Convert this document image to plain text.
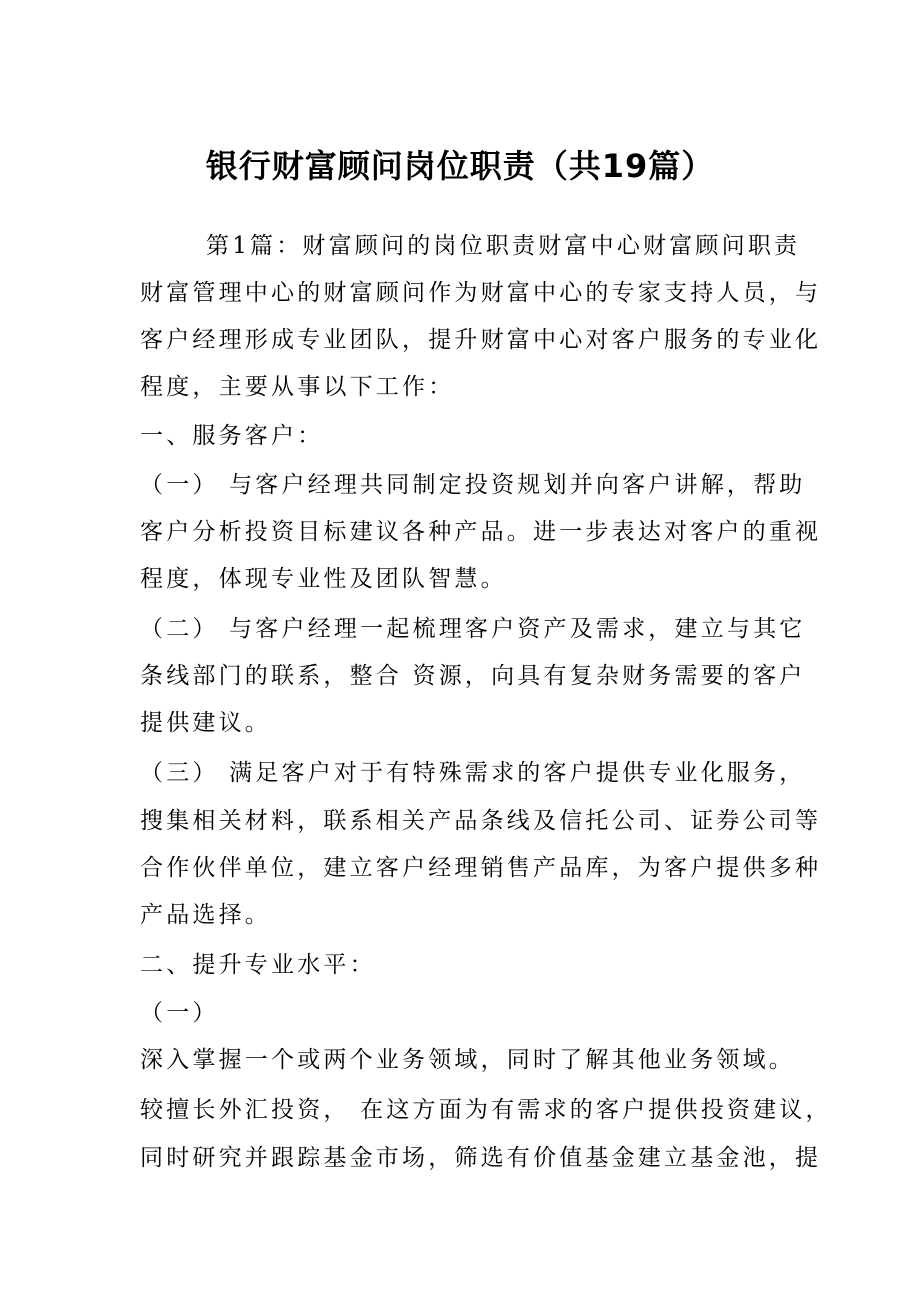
银行财富顾问岗位职责（共19篇）

第1篇：财富顾问的岗位职责财富中心财富顾问职责

财富管理中心的财富顾问作为财富中心的专家支持人员，与

客户经理形成专业团队，提升财富中心对客户服务的专业化

程度，主要从事以下工作：

一、服务客户：

（一） 与客户经理共同制定投资规划并向客户讲解，帮助

客户分析投资目标建议各种产品。进一步表达对客户的重视

程度，体现专业性及团队智慧。

（二） 与客户经理一起梳理客户资产及需求，建立与其它

条线部门的联系，整合 资源，向具有复杂财务需要的客户

提供建议。

（三） 满足客户对于有特殊需求的客户提供专业化服务，

搜集相关材料，联系相关产品条线及信托公司、证券公司等

合作伙伴单位，建立客户经理销售产品库，为客户提供多种

产品选择。

二、提升专业水平：

（一）

深入掌握一个或两个业务领域，同时了解其他业务领域。

较擅长外汇投资， 在这方面为有需求的客户提供投资建议，

同时研究并跟踪基金市场，筛选有价值基金建立基金池，提
